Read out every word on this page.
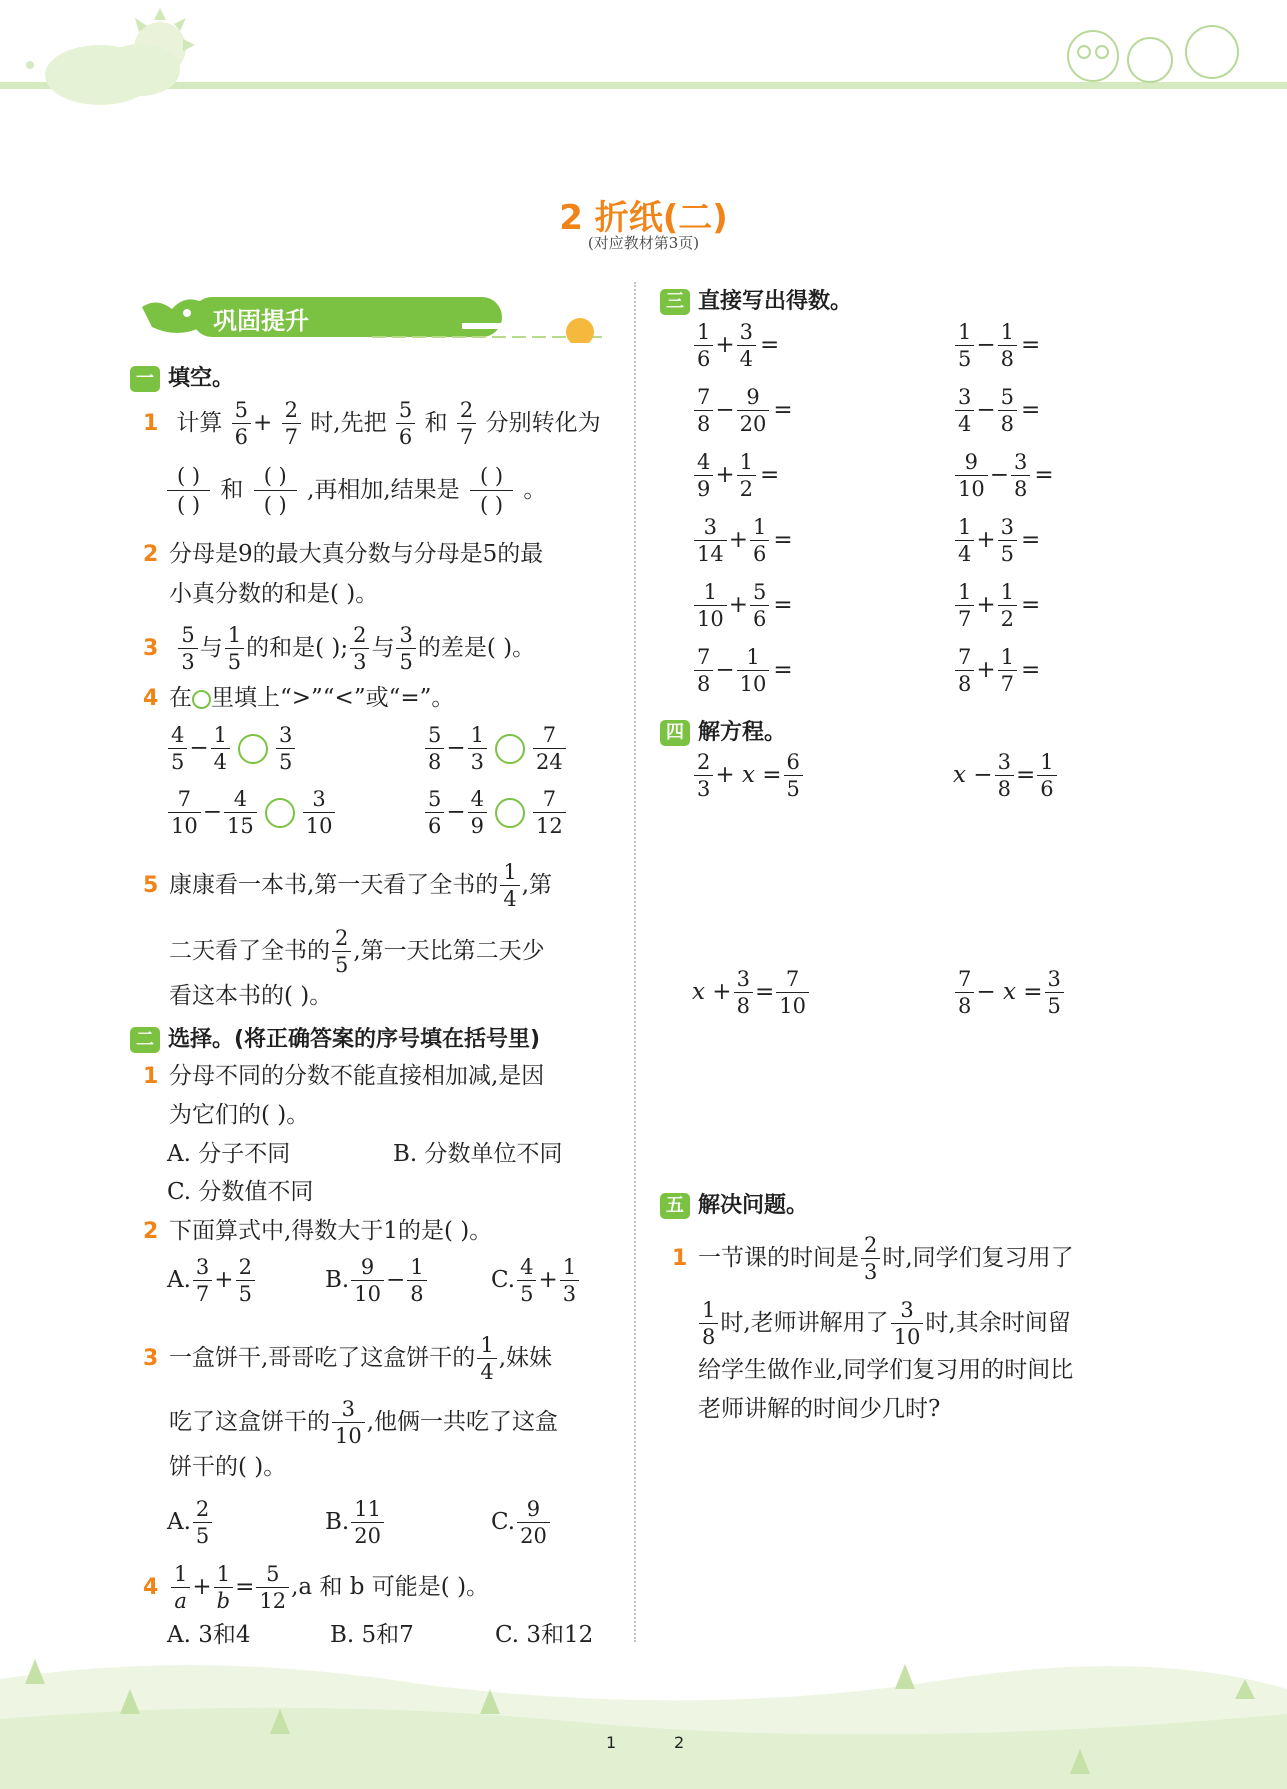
2 折纸(二)
(对应教材第3页)
巩固提升
一 填空。
1 计算 $\frac{5}{6} + \frac{2}{7}$ 时,先把 $\frac{5}{6}$ 和 $\frac{2}{7}$ 分别转化为
$\frac{( )}{( )}$ 和 $\frac{( )}{( )}$ ,再相加,结果是 $\frac{( )}{( )}$ 。
2 分母是9的最大真分数与分母是5的最
小真分数的和是( )。
$3 \frac{5}{3}$ 与 $\frac{1}{5}$ 的和是( ); $\frac{2}{3}$ 与 $\frac{3}{5}$ 的差是( )。
4 在 里填上“>”“<”或“=”。
$\frac{4}{5} - \frac{1}{4} \frac{3}{5}$	$\frac{5}{8} - \frac{1}{3} \frac{7}{24}$
$\frac{7}{10} - \frac{4}{15} \frac{3}{10}$	$\frac{5}{6} - \frac{4}{9} \frac{7}{12}$
5 康康看一本书,第一天看了全书的 $\frac{1}{4}$ ,第
二天看了全书的 $\frac{2}{5}$ ,第一天比第二天少
看这本书的( )。
二 选择。(将正确答案的序号填在括号里)
1 分母不同的分数不能直接相加减,是因
为它们的( )。
A. 分子不同	B. 分数单位不同
C. 分数值不同
2 下面算式中,得数大于1的是( )。
A. $\frac{3}{7} + \frac{2}{5}$	B. $\frac{9}{10} - \frac{1}{8}$	C. $\frac{4}{5} + \frac{1}{3}$
3 一盒饼干,哥哥吃了这盒饼干的 $\frac{1}{4}$ ,妹妹
吃了这盒饼干的 $\frac{3}{10}$ ,他俩一共吃了这盒
饼干的( )。
A. $\frac{2}{5}$	B. $\frac{11}{20}$	C. $\frac{9}{20}$
$4 \frac{1}{a} + \frac{1}{b} = \frac{5}{12} ,a$ 和 b 可能是( )。
A. 3和4	B. 5和7	C. 3和12
三 直接写出得数。
四 解方程。
$\frac{2}{3} + x = \frac{6}{5}$	$x - \frac{3}{8} = \frac{1}{6}$
$x + \frac{3}{8} = \frac{7}{10}$	$\frac{7}{8} - x = \frac{3}{5}$
五 解决问题。
1 一节课的时间是 $\frac{2}{3}$ 时,同学们复习用了
$\frac{1}{8}$ 时,老师讲解用了 $\frac{3}{10}$ 时,其余时间留
给学生做作业,同学们复习用的时间比
老师讲解的时间少几时?
1	2
$\frac{1}{6} + \frac{3}{4}$ =	$\frac{1}{5} - \frac{1}{8}$ =
$\frac{7}{8} - \frac{9}{20}$ =	$\frac{3}{4} - \frac{5}{8}$ =
$\frac{4}{9} + \frac{1}{2}$ =	$\frac{9}{10} - \frac{3}{8}$ =
$\frac{3}{14} + \frac{1}{6}$ =	$\frac{1}{4} + \frac{3}{5}$ =
$\frac{1}{10} + \frac{5}{6}$ =	$\frac{1}{7} + \frac{1}{2}$ =
$\frac{7}{8} - \frac{1}{10}$ =	$\frac{7}{8} + \frac{1}{7}$ =
